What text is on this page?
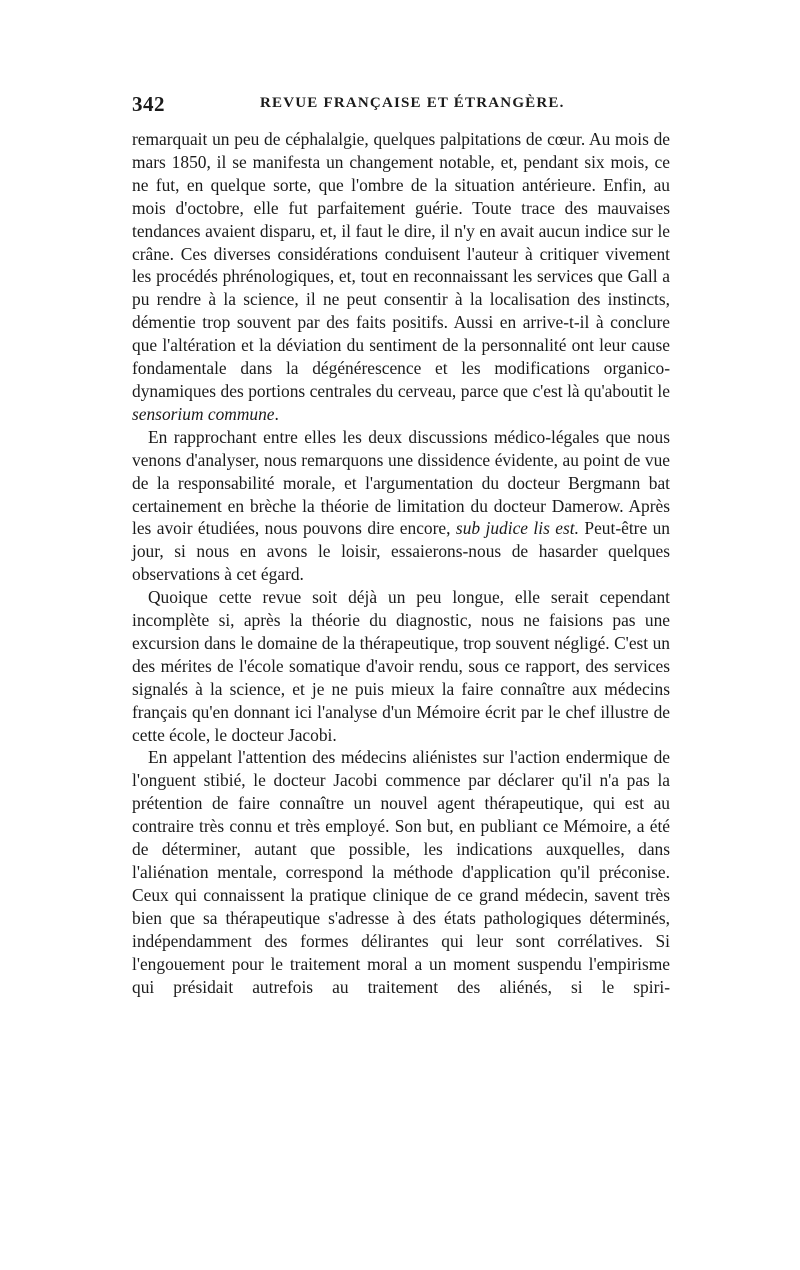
342	REVUE FRANÇAISE ET ÉTRANGÈRE.

remarquait un peu de céphalalgie, quelques palpitations de cœur. Au mois de mars 1850, il se manifesta un changement notable, et, pendant six mois, ce ne fut, en quelque sorte, que l'ombre de la situation antérieure. Enfin, au mois d'octobre, elle fut parfaitement guérie. Toute trace des mauvaises tendances avaient disparu, et, il faut le dire, il n'y en avait aucun indice sur le crâne. Ces diverses considérations conduisent l'auteur à critiquer vivement les procédés phrénologiques, et, tout en reconnaissant les services que Gall a pu rendre à la science, il ne peut consentir à la localisation des instincts, démentie trop souvent par des faits positifs. Aussi en arrive-t-il à conclure que l'altération et la déviation du sentiment de la personnalité ont leur cause fondamentale dans la dégénérescence et les modifications organico-dynamiques des portions centrales du cerveau, parce que c'est là qu'aboutit le sensorium commune.

En rapprochant entre elles les deux discussions médico-légales que nous venons d'analyser, nous remarquons une dissidence évidente, au point de vue de la responsabilité morale, et l'argumentation du docteur Bergmann bat certainement en brèche la théorie de limitation du docteur Damerow. Après les avoir étudiées, nous pouvons dire encore, sub judice lis est. Peut-être un jour, si nous en avons le loisir, essaierons-nous de hasarder quelques observations à cet égard.

Quoique cette revue soit déjà un peu longue, elle serait cependant incomplète si, après la théorie du diagnostic, nous ne faisions pas une excursion dans le domaine de la thérapeutique, trop souvent négligé. C'est un des mérites de l'école somatique d'avoir rendu, sous ce rapport, des services signalés à la science, et je ne puis mieux la faire connaître aux médecins français qu'en donnant ici l'analyse d'un Mémoire écrit par le chef illustre de cette école, le docteur Jacobi.

En appelant l'attention des médecins aliénistes sur l'action endermique de l'onguent stibié, le docteur Jacobi commence par déclarer qu'il n'a pas la prétention de faire connaître un nouvel agent thérapeutique, qui est au contraire très connu et très employé. Son but, en publiant ce Mémoire, a été de déterminer, autant que possible, les indications auxquelles, dans l'aliénation mentale, correspond la méthode d'application qu'il préconise. Ceux qui connaissent la pratique clinique de ce grand médecin, savent très bien que sa thérapeutique s'adresse à des états pathologiques déterminés, indépendamment des formes délirantes qui leur sont corrélatives. Si l'engouement pour le traitement moral a un moment suspendu l'empirisme qui présidait autrefois au traitement des aliénés, si le spiri-
